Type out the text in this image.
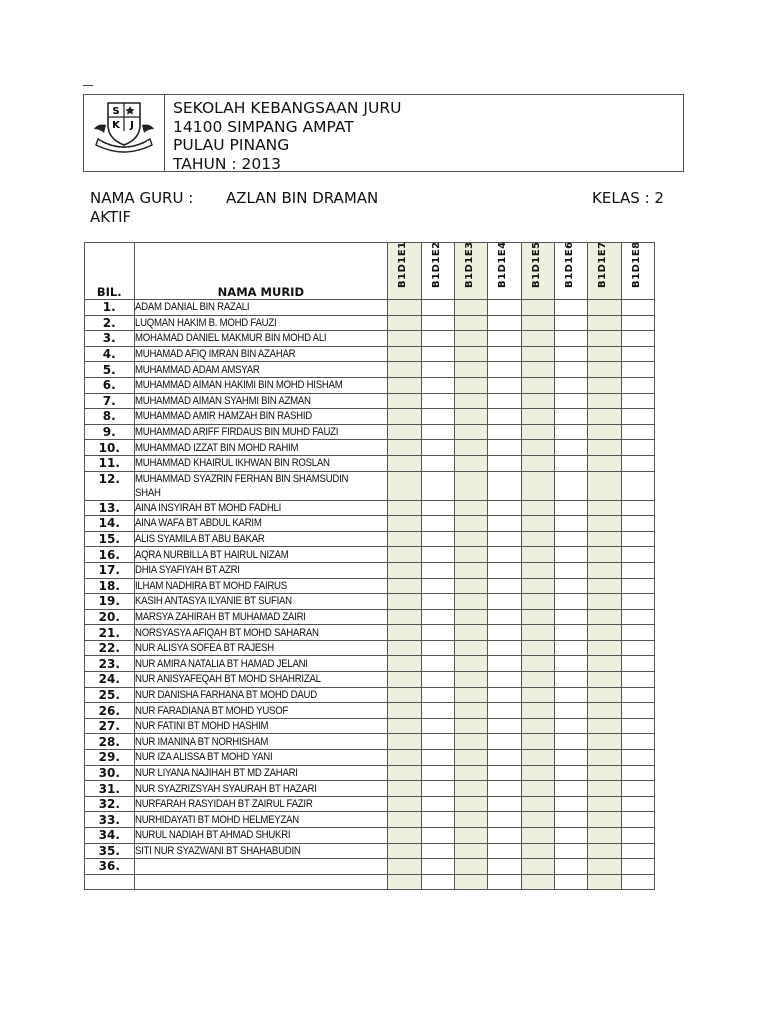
S
K J
SEKOLAH KEBANGSAAN JURU
14100 SIMPANG AMPAT
PULAU PINANG
TAHUN : 2013
NAMA GURU : AZLAN BIN DRAMAN	KELAS : 2
AKTIF
BIL.	NAMA MURID	B1D1E1	B1D1E2	B1D1E3	B1D1E4	B1D1E5	B1D1E6	B1D1E7	B1D1E8

1.	ADAM DANIAL BIN RAZALI								
2.	LUQMAN HAKIM B. MOHD FAUZI								
3.	MOHAMAD DANIEL MAKMUR BIN MOHD ALI								
4.	MUHAMAD AFIQ IMRAN BIN AZAHAR								
5.	MUHAMMAD ADAM AMSYAR								
6.	MUHAMMAD AIMAN HAKIMI BIN MOHD HISHAM								
7.	MUHAMMAD AIMAN SYAHMI BIN AZMAN								
8.	MUHAMMAD AMIR HAMZAH BIN RASHID								
9.	MUHAMMAD ARIFF FIRDAUS BIN MUHD FAUZI								
10.	MUHAMMAD IZZAT BIN MOHD RAHIM								
11.	MUHAMMAD KHAIRUL IKHWAN BIN ROSLAN								
12.	MUHAMMAD SYAZRIN FERHAN BIN SHAMSUDIN SHAH								
13.	AINA INSYIRAH BT MOHD FADHLI								
14.	AINA WAFA BT ABDUL KARIM								
15.	ALIS SYAMILA BT ABU BAKAR								
16.	AQRA NURBILLA BT HAIRUL NIZAM								
17.	DHIA SYAFIYAH BT AZRI								
18.	ILHAM NADHIRA BT MOHD FAIRUS								
19.	KASIH ANTASYA ILYANIE BT SUFIAN								
20.	MARSYA ZAHIRAH BT MUHAMAD ZAIRI								
21.	NORSYASYA AFIQAH BT MOHD SAHARAN								
22.	NUR ALISYA SOFEA BT RAJESH								
23.	NUR AMIRA NATALIA BT HAMAD JELANI								
24.	NUR ANISYAFEQAH BT MOHD SHAHRIZAL								
25.	NUR DANISHA FARHANA BT MOHD DAUD								
26.	NUR FARADIANA BT MOHD YUSOF								
27.	NUR FATINI BT MOHD HASHIM								
28.	NUR IMANINA BT NORHISHAM								
29.	NUR IZA ALISSA BT MOHD YANI								
30.	NUR LIYANA NAJIHAH BT MD ZAHARI								
31.	NUR SYAZRIZSYAH SYAURAH BT HAZARI								
32.	NURFARAH RASYIDAH BT ZAIRUL FAZIR								
33.	NURHIDAYATI BT MOHD HELMEYZAN								
34.	NURUL NADIAH BT AHMAD SHUKRI								
35.	SITI NUR SYAZWANI BT SHAHABUDIN								
36.									
